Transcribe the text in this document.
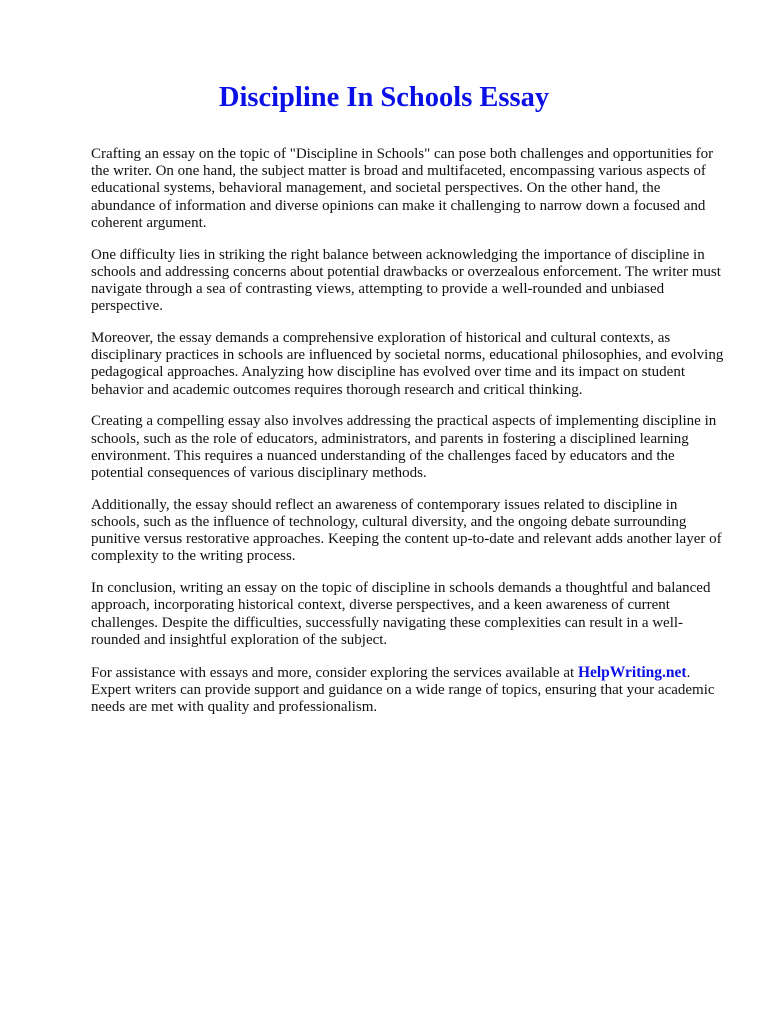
Discipline In Schools Essay

Crafting an essay on the topic of "Discipline in Schools" can pose both challenges and opportunities for the writer. On one hand, the subject matter is broad and multifaceted, encompassing various aspects of educational systems, behavioral management, and societal perspectives. On the other hand, the abundance of information and diverse opinions can make it challenging to narrow down a focused and coherent argument.

One difficulty lies in striking the right balance between acknowledging the importance of discipline in schools and addressing concerns about potential drawbacks or overzealous enforcement. The writer must navigate through a sea of contrasting views, attempting to provide a well-rounded and unbiased perspective.

Moreover, the essay demands a comprehensive exploration of historical and cultural contexts, as disciplinary practices in schools are influenced by societal norms, educational philosophies, and evolving pedagogical approaches. Analyzing how discipline has evolved over time and its impact on student behavior and academic outcomes requires thorough research and critical thinking.

Creating a compelling essay also involves addressing the practical aspects of implementing discipline in schools, such as the role of educators, administrators, and parents in fostering a disciplined learning environment. This requires a nuanced understanding of the challenges faced by educators and the potential consequences of various disciplinary methods.

Additionally, the essay should reflect an awareness of contemporary issues related to discipline in schools, such as the influence of technology, cultural diversity, and the ongoing debate surrounding punitive versus restorative approaches. Keeping the content up-to-date and relevant adds another layer of complexity to the writing process.

In conclusion, writing an essay on the topic of discipline in schools demands a thoughtful and balanced approach, incorporating historical context, diverse perspectives, and a keen awareness of current challenges. Despite the difficulties, successfully navigating these complexities can result in a well-rounded and insightful exploration of the subject.

For assistance with essays and more, consider exploring the services available at HelpWriting.net. Expert writers can provide support and guidance on a wide range of topics, ensuring that your academic needs are met with quality and professionalism.
